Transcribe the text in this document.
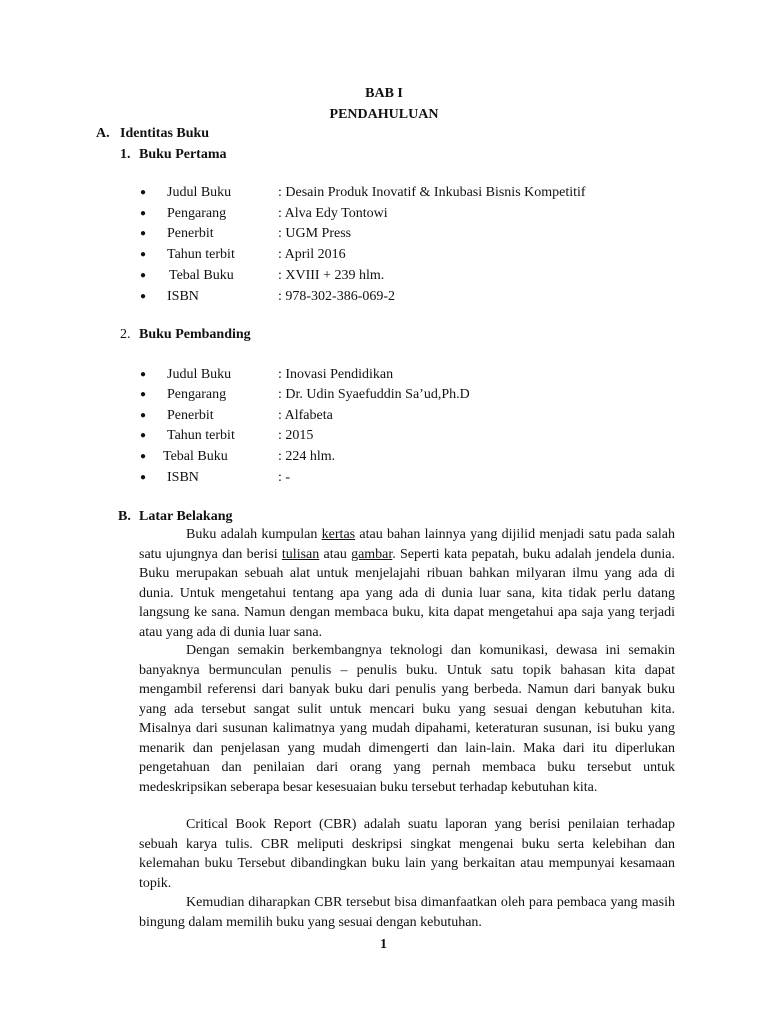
BAB I
PENDAHULUAN
A. Identitas Buku
1. Buku Pertama
● Judul Buku	: Desain Produk Inovatif & Inkubasi Bisnis Kompetitif
● Pengarang	: Alva Edy Tontowi
● Penerbit	: UGM Press
● Tahun terbit	: April 2016
● Tebal Buku	: XVIII + 239 hlm.
● ISBN	: 978-302-386-069-2
2. Buku Pembanding
● Judul Buku	: Inovasi Pendidikan
● Pengarang	: Dr. Udin Syaefuddin Sa’ud,Ph.D
● Penerbit	: Alfabeta
● Tahun terbit	: 2015
● Tebal Buku	: 224 hlm.
● ISBN	: -
B. Latar Belakang
Buku adalah kumpulan kertas atau bahan lainnya yang dijilid menjadi satu pada salah satu ujungnya dan berisi tulisan atau gambar. Seperti kata pepatah, buku adalah jendela dunia. Buku merupakan sebuah alat untuk menjelajahi ribuan bahkan milyaran ilmu yang ada di dunia. Untuk mengetahui tentang apa yang ada di dunia luar sana, kita tidak perlu datang langsung ke sana. Namun dengan membaca buku, kita dapat mengetahui apa saja yang terjadi atau yang ada di dunia luar sana.
Dengan semakin berkembangnya teknologi dan komunikasi, dewasa ini semakin banyaknya bermunculan penulis – penulis buku. Untuk satu topik bahasan kita dapat mengambil referensi dari banyak buku dari penulis yang berbeda. Namun dari banyak buku yang ada tersebut sangat sulit untuk mencari buku yang sesuai dengan kebutuhan kita. Misalnya dari susunan kalimatnya yang mudah dipahami, keteraturan susunan, isi buku yang menarik dan penjelasan yang mudah dimengerti dan lain-lain. Maka dari itu diperlukan pengetahuan dan penilaian dari orang yang pernah membaca buku tersebut untuk medeskripsikan seberapa besar kesesuaian buku tersebut terhadap kebutuhan kita.
Critical Book Report (CBR) adalah suatu laporan yang berisi penilaian terhadap sebuah karya tulis. CBR meliputi deskripsi singkat mengenai buku serta kelebihan dan kelemahan buku Tersebut dibandingkan buku lain yang berkaitan atau mempunyai kesamaan topik.
Kemudian diharapkan CBR tersebut bisa dimanfaatkan oleh para pembaca yang masih bingung dalam memilih buku yang sesuai dengan kebutuhan.
1
